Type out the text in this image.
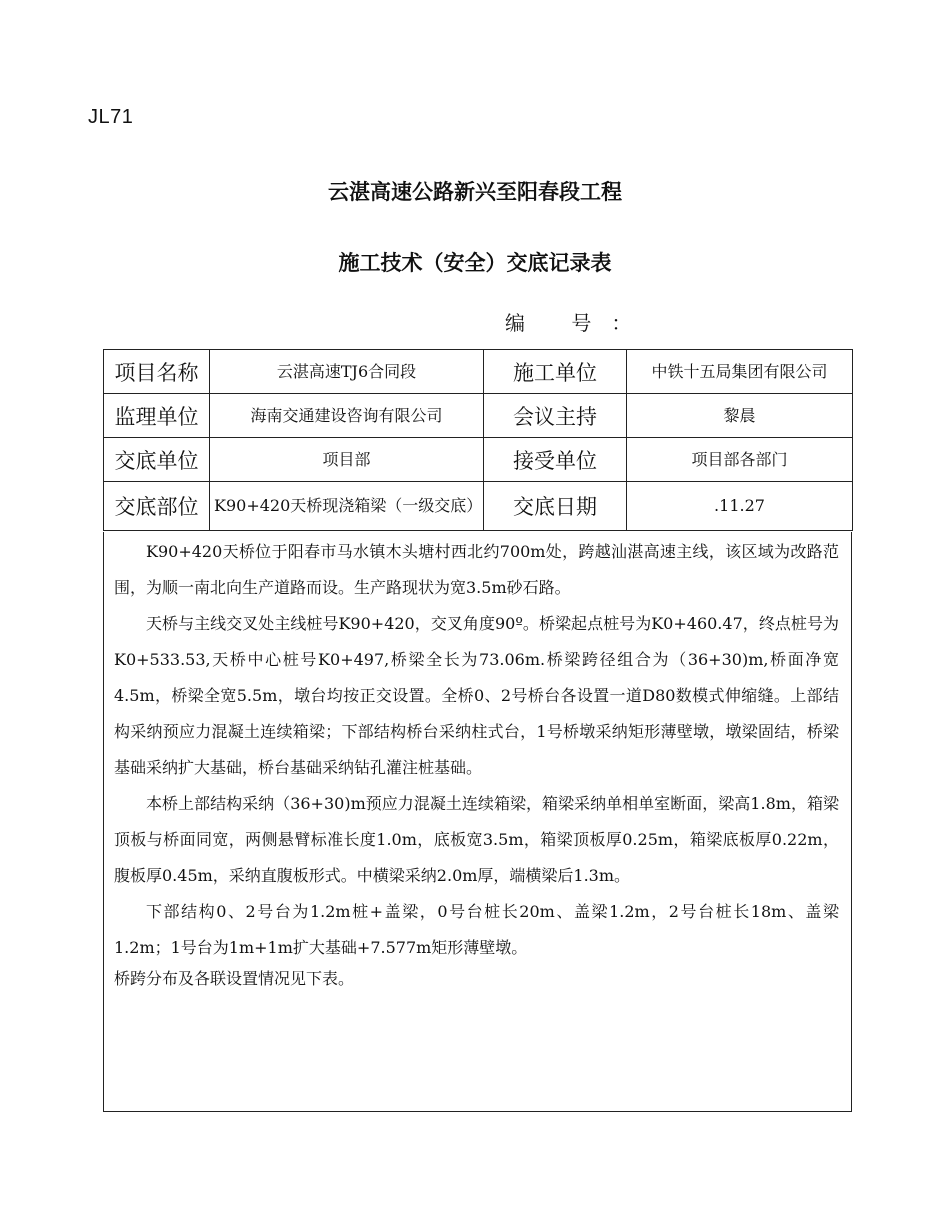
JL71
云湛高速公路新兴至阳春段工程
施工技术（安全）交底记录表
编 号：
项目名称	云湛高速TJ6合同段	施工单位	中铁十五局集团有限公司
监理单位	海南交通建设咨询有限公司	会议主持	黎晨
交底单位	项目部	接受单位	项目部各部门
交底部位	K90+420天桥现浇箱梁（一级交底）	交底日期	.11.27

K90+420天桥位于阳春市马水镇木头塘村西北约700m处，跨越汕湛高速主线，该区域为改路范围，为顺一南北向生产道路而设。生产路现状为宽3.5m砂石路。

天桥与主线交叉处主线桩号K90+420，交叉角度90º。桥梁起点桩号为K0+460.47，终点桩号为K0+533.53,天桥中心桩号K0+497,桥梁全长为73.06m.桥梁跨径组合为（36+30)m,桥面净宽4.5m，桥梁全宽5.5m，墩台均按正交设置。全桥0、2号桥台各设置一道D80数模式伸缩缝。上部结构采纳预应力混凝土连续箱梁；下部结构桥台采纳柱式台，1号桥墩采纳矩形薄壁墩，墩梁固结，桥梁基础采纳扩大基础，桥台基础采纳钻孔灌注桩基础。

本桥上部结构采纳（36+30)m预应力混凝土连续箱梁，箱梁采纳单相单室断面，梁高1.8m，箱梁顶板与桥面同宽，两侧悬臂标准长度1.0m，底板宽3.5m，箱梁顶板厚0.25m，箱梁底板厚0.22m，腹板厚0.45m，采纳直腹板形式。中横梁采纳2.0m厚，端横梁后1.3m。

下部结构0、2号台为1.2m桩+盖梁，0号台桩长20m、盖梁1.2m，2号台桩长18m、盖梁1.2m；1号台为1m+1m扩大基础+7.577m矩形薄壁墩。

桥跨分布及各联设置情况见下表。
